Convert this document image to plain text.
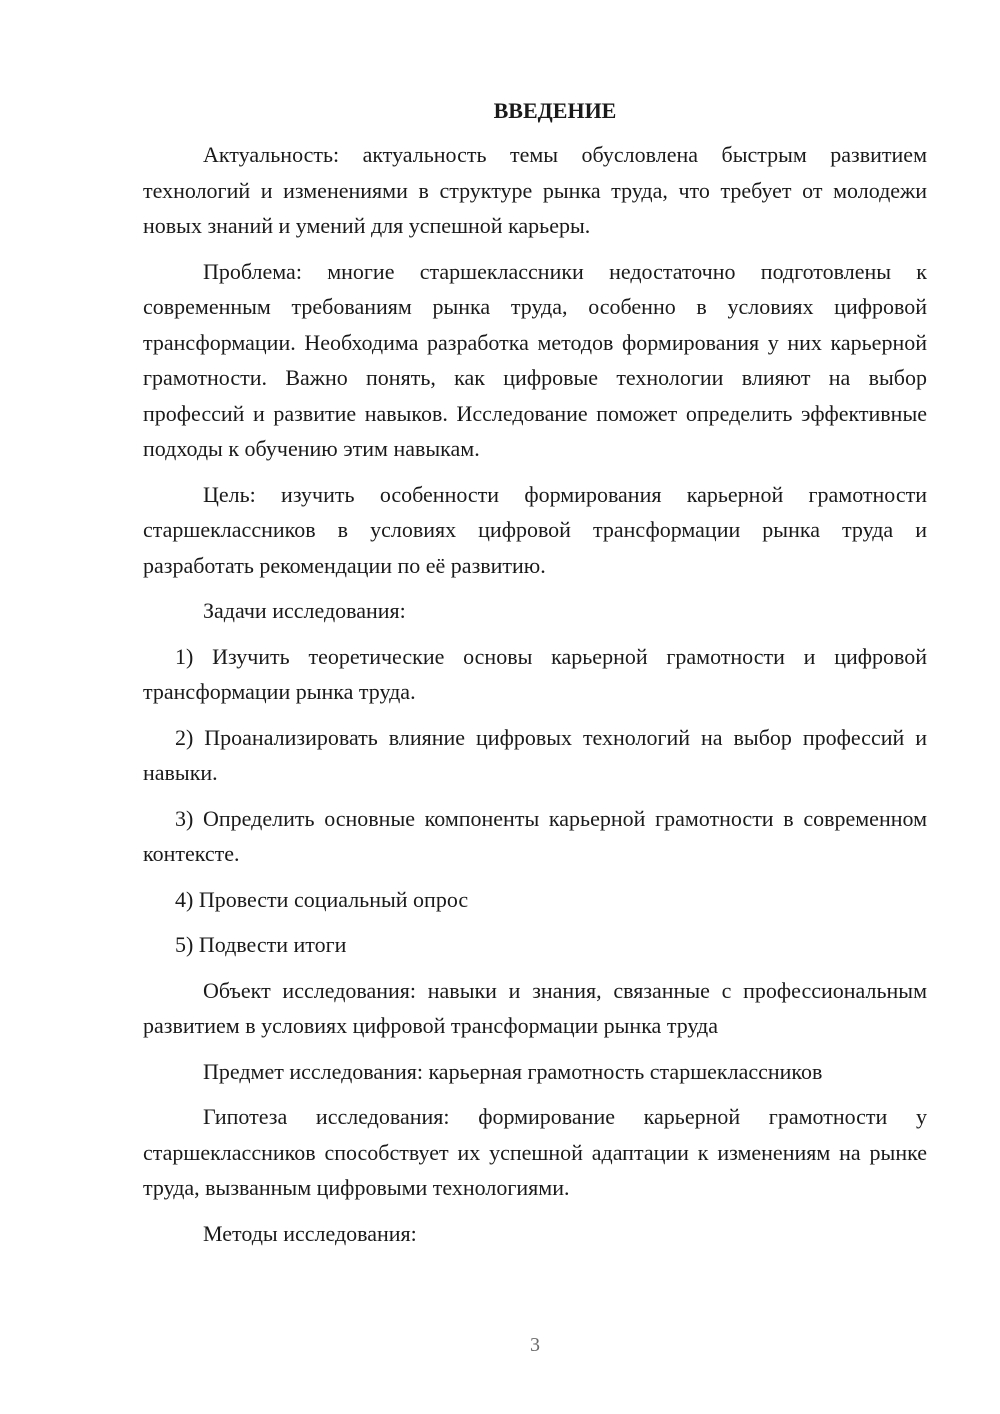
ВВЕДЕНИЕ

Актуальность: актуальность темы обусловлена быстрым развитием технологий и изменениями в структуре рынка труда, что требует от молодежи новых знаний и умений для успешной карьеры.

Проблема: многие старшеклассники недостаточно подготовлены к современным требованиям рынка труда, особенно в условиях цифровой трансформации. Необходима разработка методов формирования у них карьерной грамотности. Важно понять, как цифровые технологии влияют на выбор профессий и развитие навыков. Исследование поможет определить эффективные подходы к обучению этим навыкам.

Цель: изучить особенности формирования карьерной грамотности старшеклассников в условиях цифровой трансформации рынка труда и разработать рекомендации по её развитию.

Задачи исследования:

1) Изучить теоретические основы карьерной грамотности и цифровой трансформации рынка труда.

2) Проанализировать влияние цифровых технологий на выбор профессий и навыки.

3) Определить основные компоненты карьерной грамотности в современном контексте.

4) Провести социальный опрос

5) Подвести итоги

Объект исследования: навыки и знания, связанные с профессиональным развитием в условиях цифровой трансформации рынка труда

Предмет исследования: карьерная грамотность старшеклассников

Гипотеза исследования: формирование карьерной грамотности у старшеклассников способствует их успешной адаптации к изменениям на рынке труда, вызванным цифровыми технологиями.

Методы исследования:

3
